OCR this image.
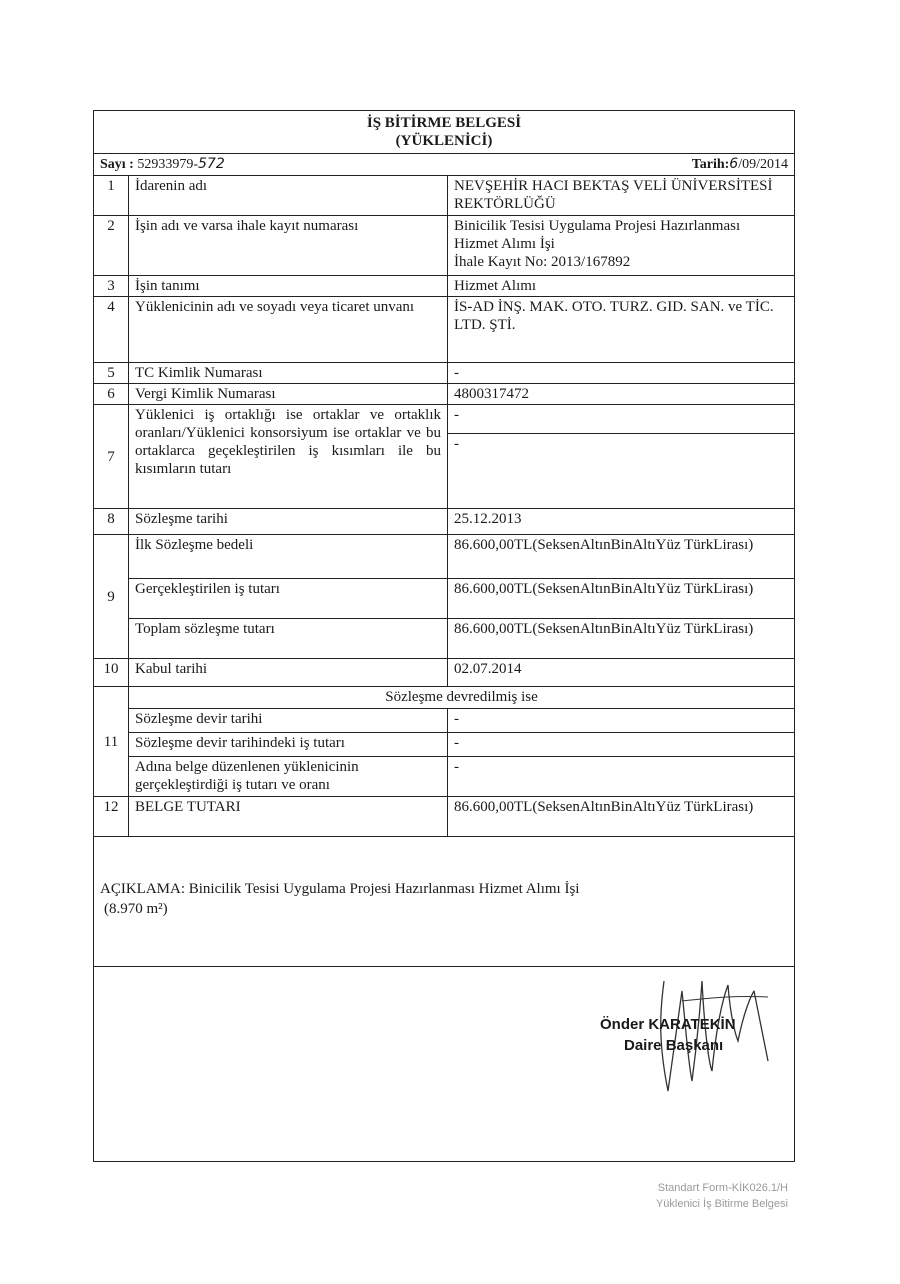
İŞ BİTİRME BELGESİ
(YÜKLENİCİ)
Sayı : 52933979-572	Tarih:6/09/2014
1	İdarenin adı	NEVŞEHİR HACI BEKTAŞ VELİ ÜNİVERSİTESİ REKTÖRLÜĞÜ
2	İşin adı ve varsa ihale kayıt numarası	Binicilik Tesisi Uygulama Projesi Hazırlanması Hizmet Alımı İşi
İhale Kayıt No: 2013/167892

3	İşin tanımı	Hizmet Alımı
4	Yüklenicinin adı ve soyadı veya ticaret unvanı	İS-AD İNŞ. MAK. OTO. TURZ. GID. SAN. ve TİC. LTD. ŞTİ.
5	TC Kimlik Numarası	-
6	Vergi Kimlik Numarası	4800317472
7	Yüklenici iş ortaklığı ise ortaklar ve ortaklık oranları/Yüklenici konsorsiyum ise ortaklar ve bu ortaklarca geçekleştirilen iş kısımları ile bu kısımların tutarı	-
-

8	Sözleşme tarihi	25.12.2013
9	İlk Sözleşme bedeli	86.600,00TL(SeksenAltınBinAltıYüz TürkLirası)
	Gerçekleştirilen iş tutarı	86.600,00TL(SeksenAltınBinAltıYüz TürkLirası)
	Toplam sözleşme tutarı	86.600,00TL(SeksenAltınBinAltıYüz TürkLirası)
10	Kabul tarihi	02.07.2014
11	Sözleşme devredilmiş ise	
	Sözleşme devir tarihi	-
	Sözleşme devir tarihindeki iş tutarı	-
	Adına belge düzenlenen yüklenicinin gerçekleştirdiği iş tutarı ve oranı	-
12	BELGE TUTARI	86.600,00TL(SeksenAltınBinAltıYüz TürkLirası)
AÇIKLAMA: Binicilik Tesisi Uygulama Projesi Hazırlanması Hizmet Alımı İşi
(8.970 m²)
Önder KARATEKİN
Daire Başkanı
Standart Form-KİK026.1/H
Yüklenici İş Bitirme Belgesi
